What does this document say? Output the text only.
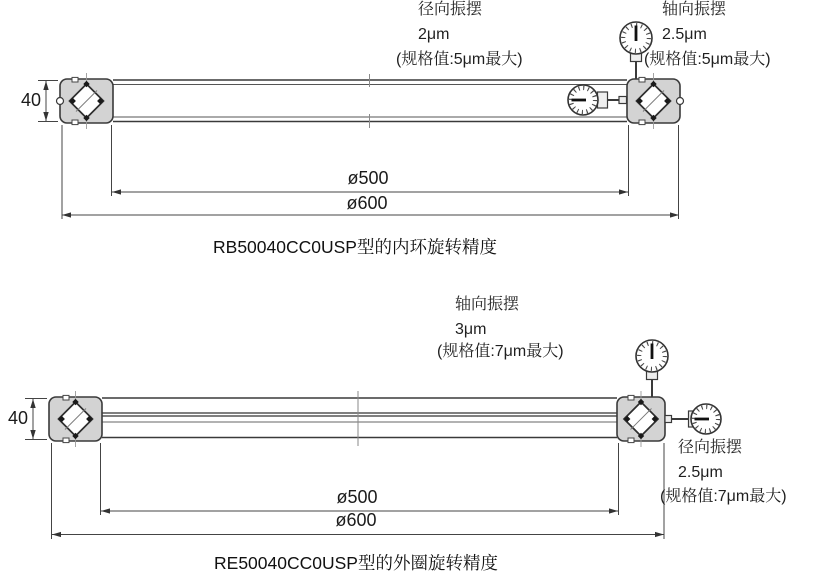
径向振摆
2μm
(规格值:5μm最大)
轴向振摆
2.5μm
(规格值:5μm最大)
40
ø500
ø600
RB50040CC0USP型的内环旋转精度
轴向振摆
3μm
(规格值:7μm最大)
径向振摆
2.5μm
(规格值:7μm最大)
40
ø500
ø600
RE50040CC0USP型的外圈旋转精度
